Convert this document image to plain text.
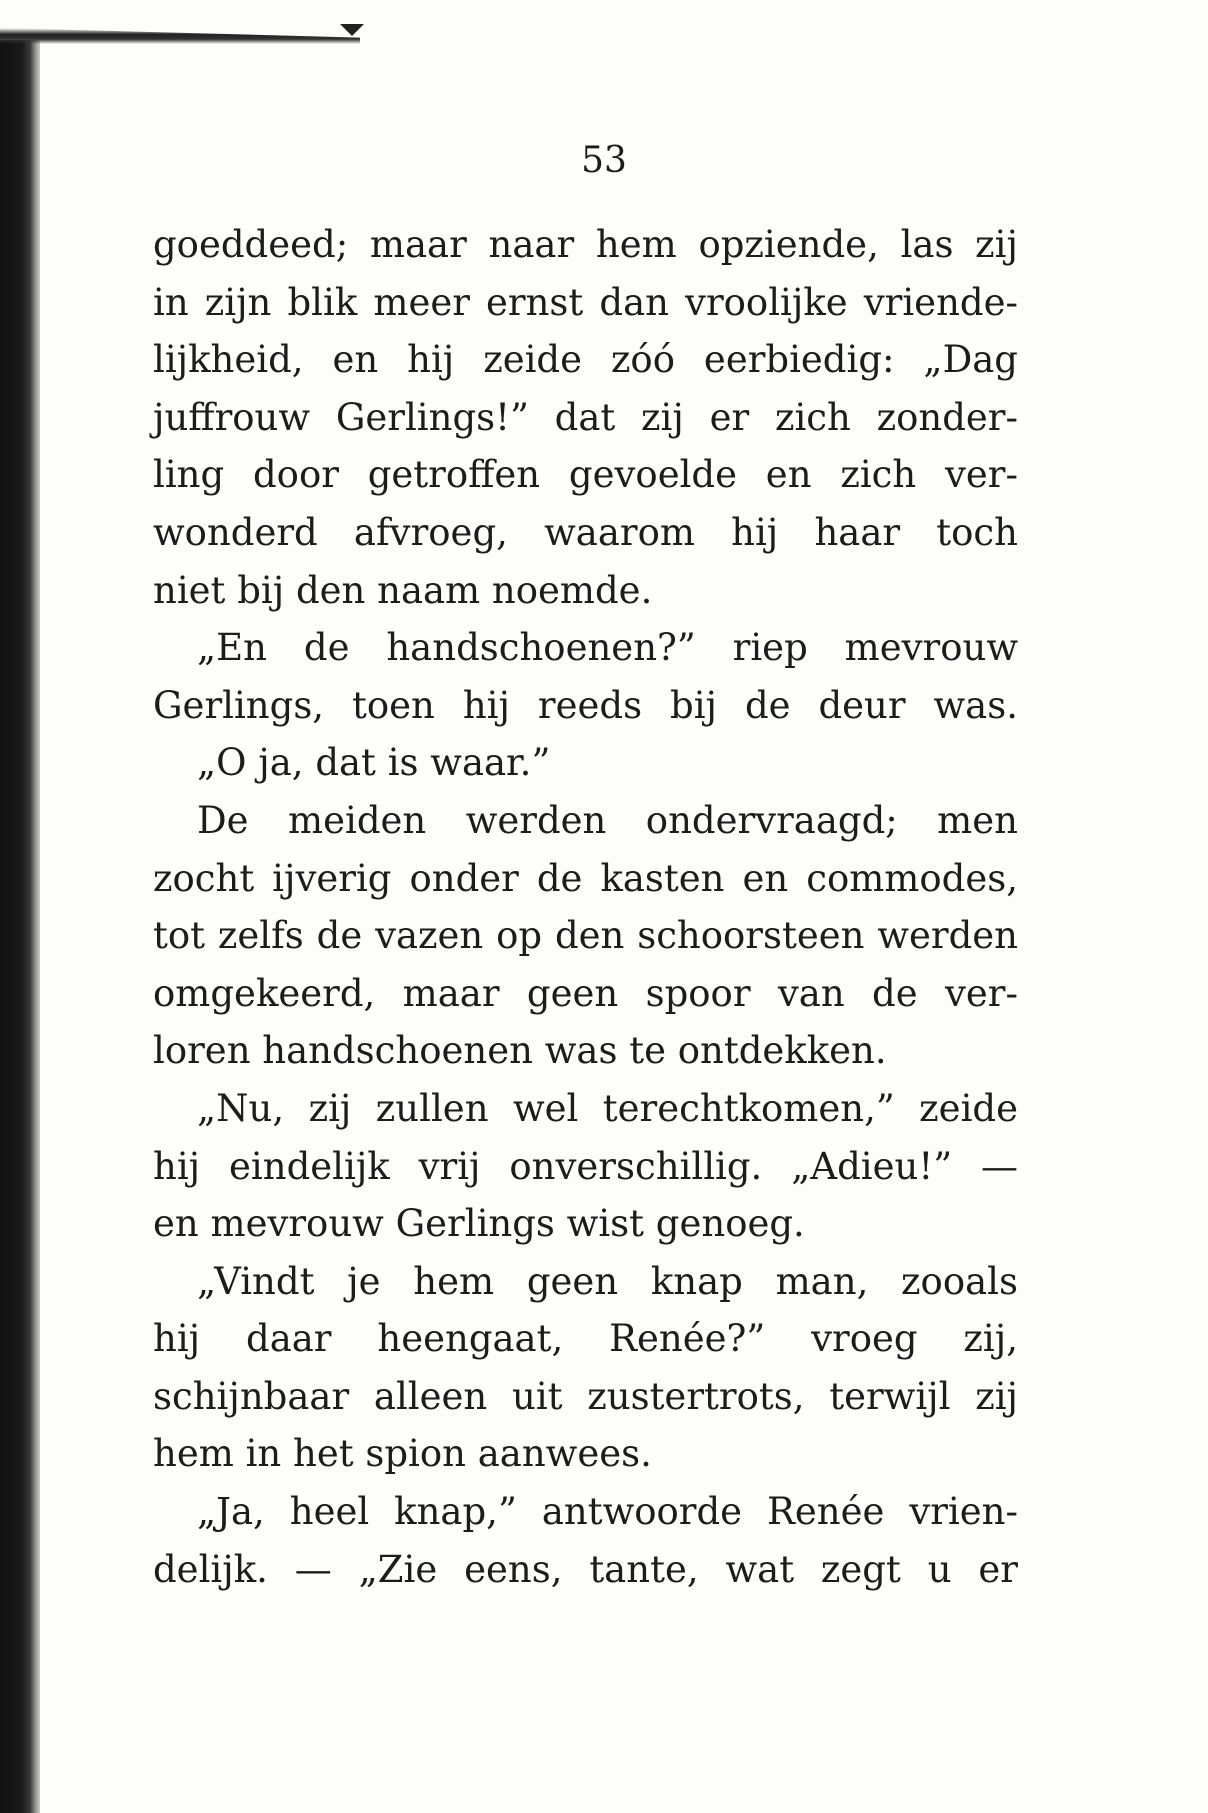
53
goeddeed; maar naar hem opziende, las zij
in zijn blik meer ernst dan vroolijke vriende-
lijkheid, en hij zeide zóó eerbiedig: „Dag
juffrouw Gerlings!” dat zij er zich zonder-
ling door getroffen gevoelde en zich ver-
wonderd afvroeg, waarom hij haar toch
niet bij den naam noemde.
„En de handschoenen?” riep mevrouw
Gerlings, toen hij reeds bij de deur was.
„O ja, dat is waar.”
De meiden werden ondervraagd; men
zocht ijverig onder de kasten en commodes,
tot zelfs de vazen op den schoorsteen werden
omgekeerd, maar geen spoor van de ver-
loren handschoenen was te ontdekken.
„Nu, zij zullen wel terechtkomen,” zeide
hij eindelijk vrij onverschillig. „Adieu!” —
en mevrouw Gerlings wist genoeg.
„Vindt je hem geen knap man, zooals
hij daar heengaat, Renée?” vroeg zij,
schijnbaar alleen uit zustertrots, terwijl zij
hem in het spion aanwees.
„Ja, heel knap,” antwoorde Renée vrien-
delijk. — „Zie eens, tante, wat zegt u er
